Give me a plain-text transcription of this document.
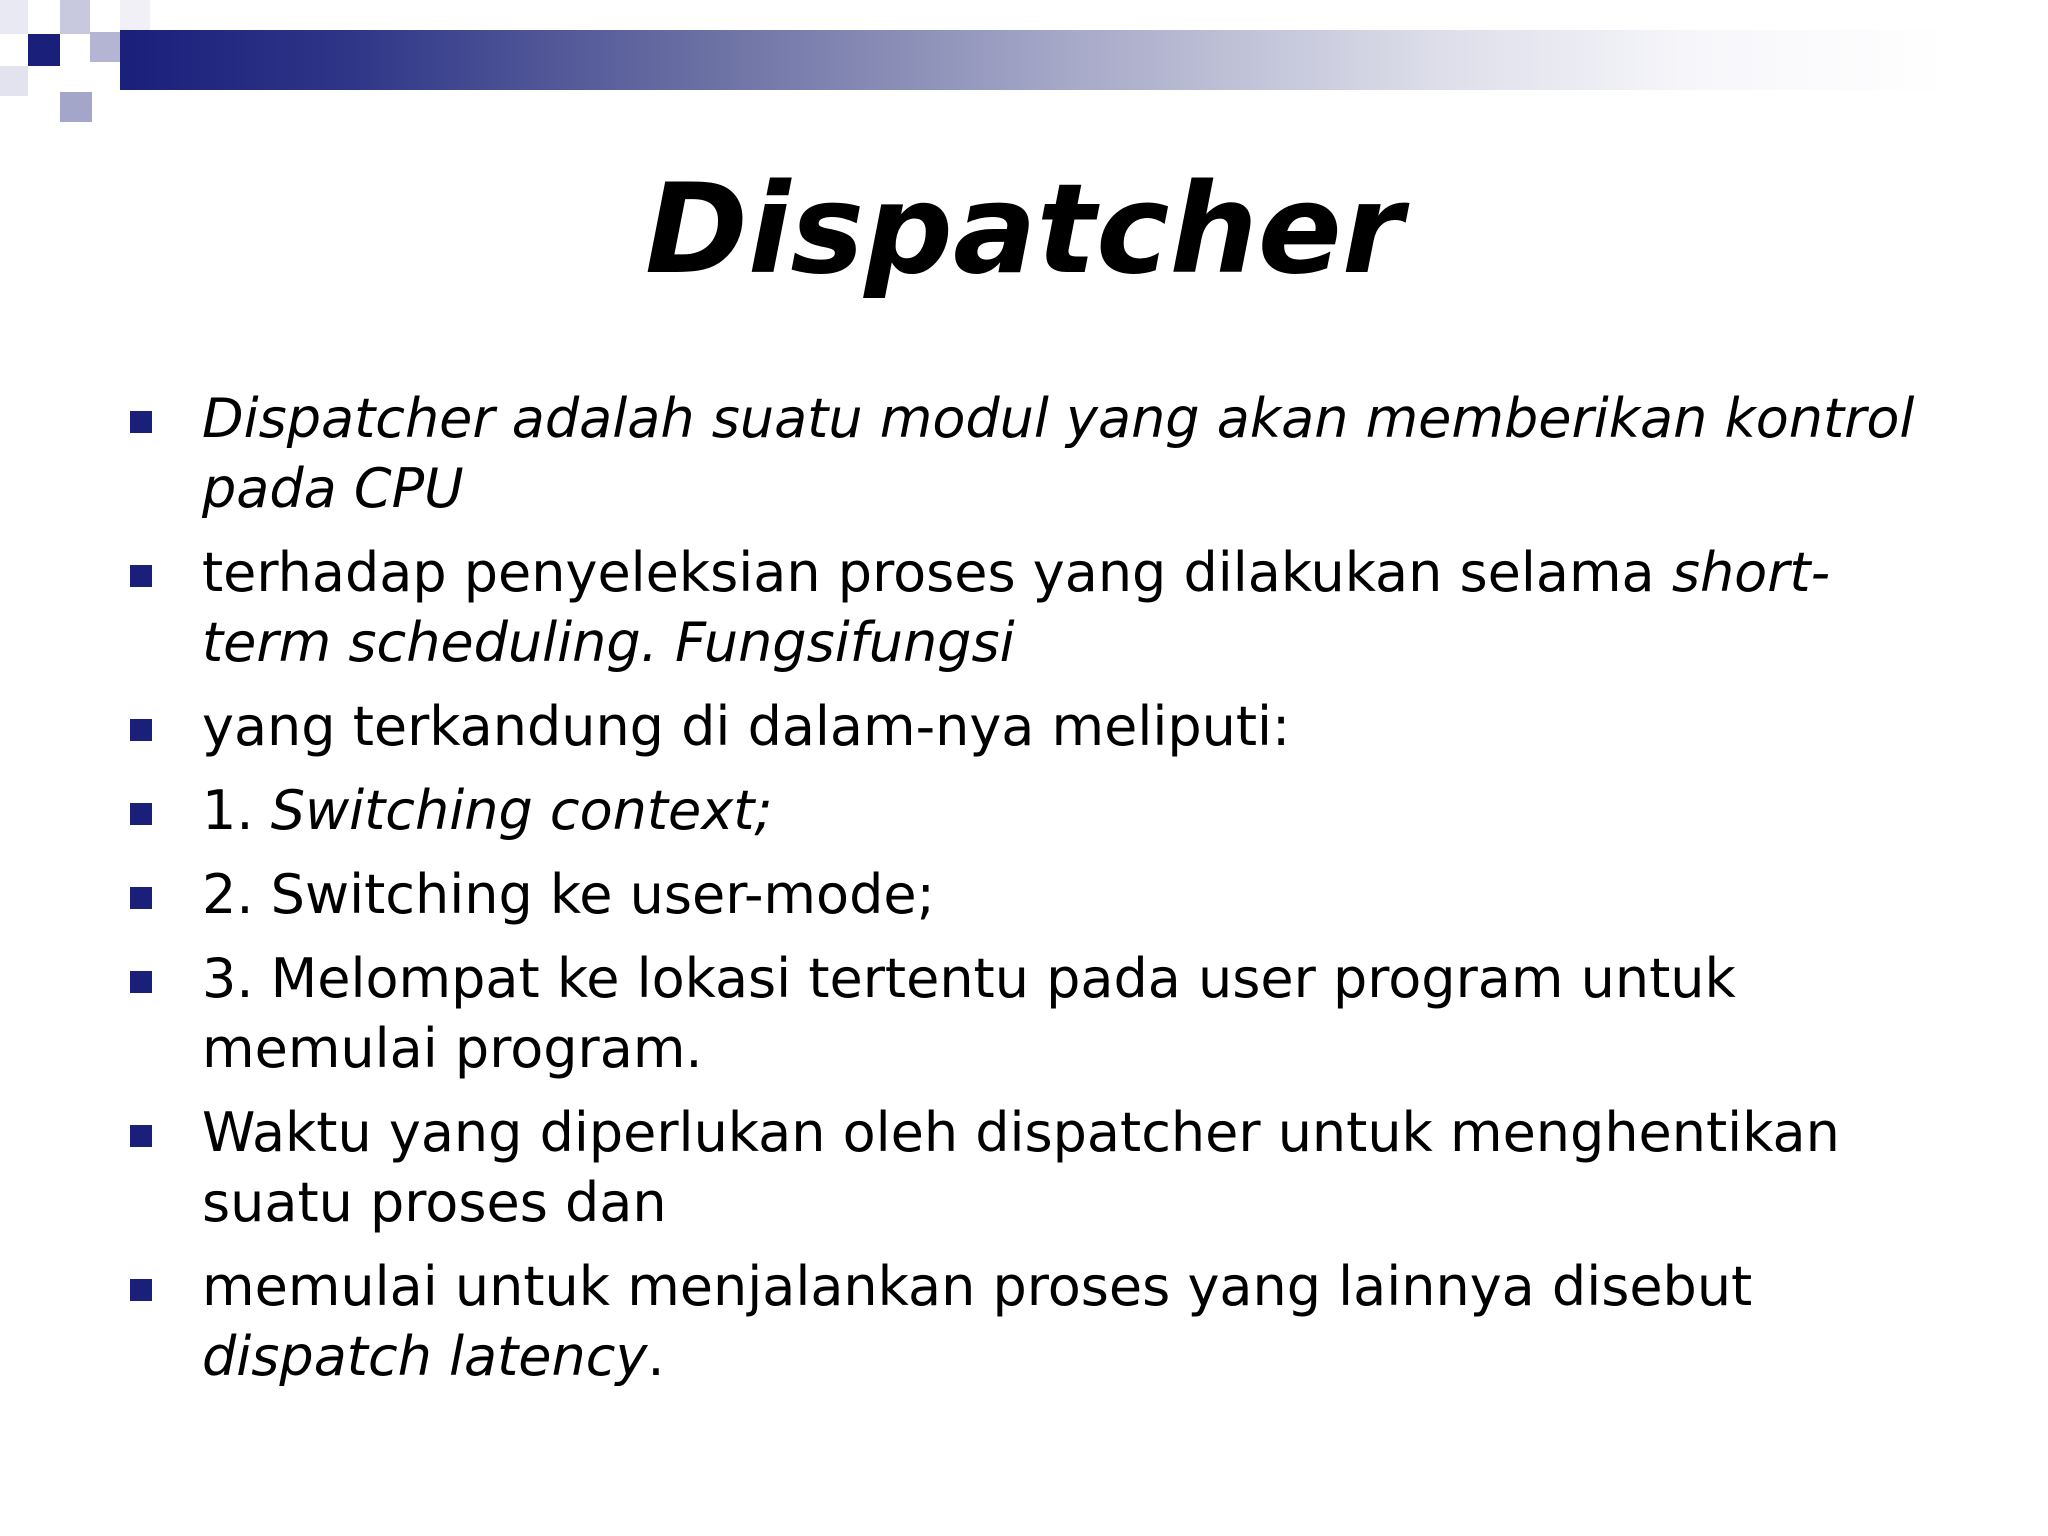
Dispatcher
Dispatcher adalah suatu modul yang akan memberikan kontrol pada CPU
terhadap penyeleksian proses yang dilakukan selama short-term scheduling. Fungsifungsi
yang terkandung di dalam-nya meliputi:
1. Switching context;
2. Switching ke user-mode;
3. Melompat ke lokasi tertentu pada user program untuk memulai program.
Waktu yang diperlukan oleh dispatcher untuk menghentikan suatu proses dan
memulai untuk menjalankan proses yang lainnya disebut dispatch latency.
